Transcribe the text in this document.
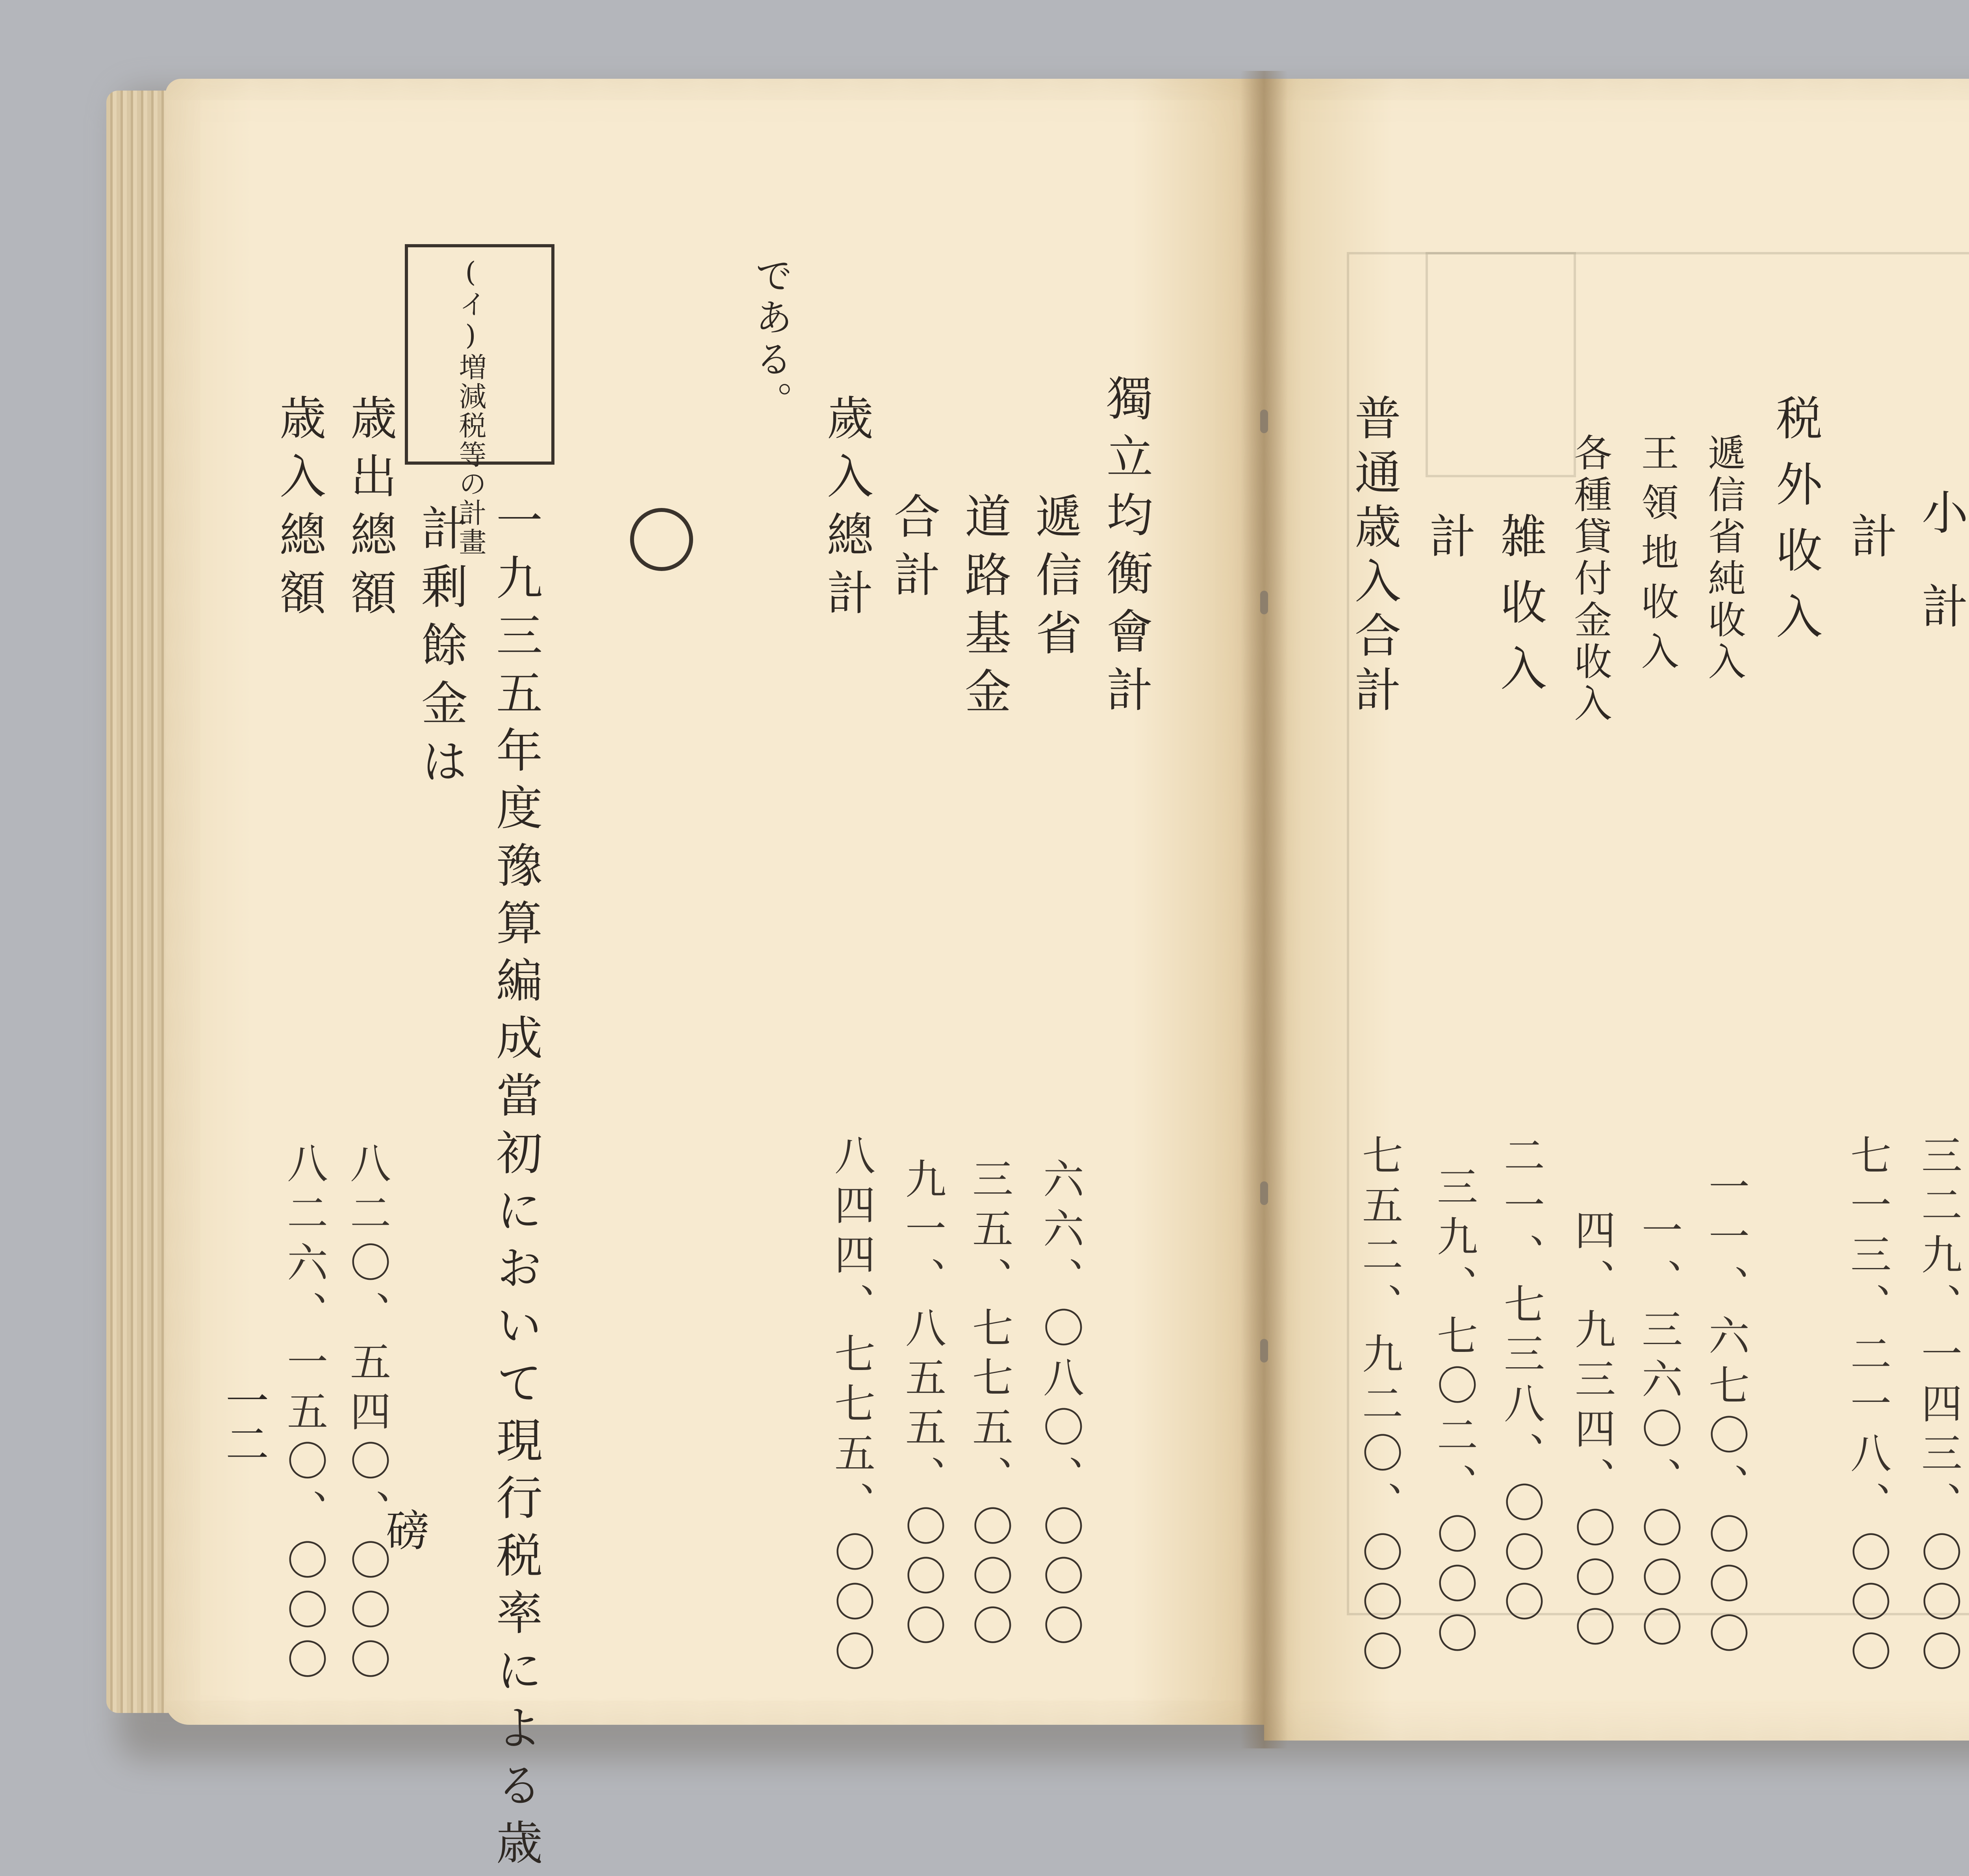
獨立均衡會計
六六、〇八〇、〇〇〇
遞信省
道路基金
三五、七七五、〇〇〇
合計
九一、八五五、〇〇〇
歲入總計
八四四、七七五、〇〇〇
である。
(イ)増減税等の計畫
一九三五年度豫算編成當初において現行税率による歳
計剰餘金は
歳出總額
八二〇、五四〇、〇〇〇
歳入總額
八二六、一五〇、〇〇〇 磅
一二
小計
三二九、一四三、〇〇〇
計
七一三、二一八、〇〇〇
税外收入
遞信省純收入
一一、六七〇、〇〇〇
王領地收入
一、三六〇、〇〇〇
各種貸付金收入
四、九三四、〇〇〇
雑收入
二一、七三八、〇〇〇
計
三九、七〇二、〇〇〇
普通歳入合計
七五二、九二〇、〇〇〇
